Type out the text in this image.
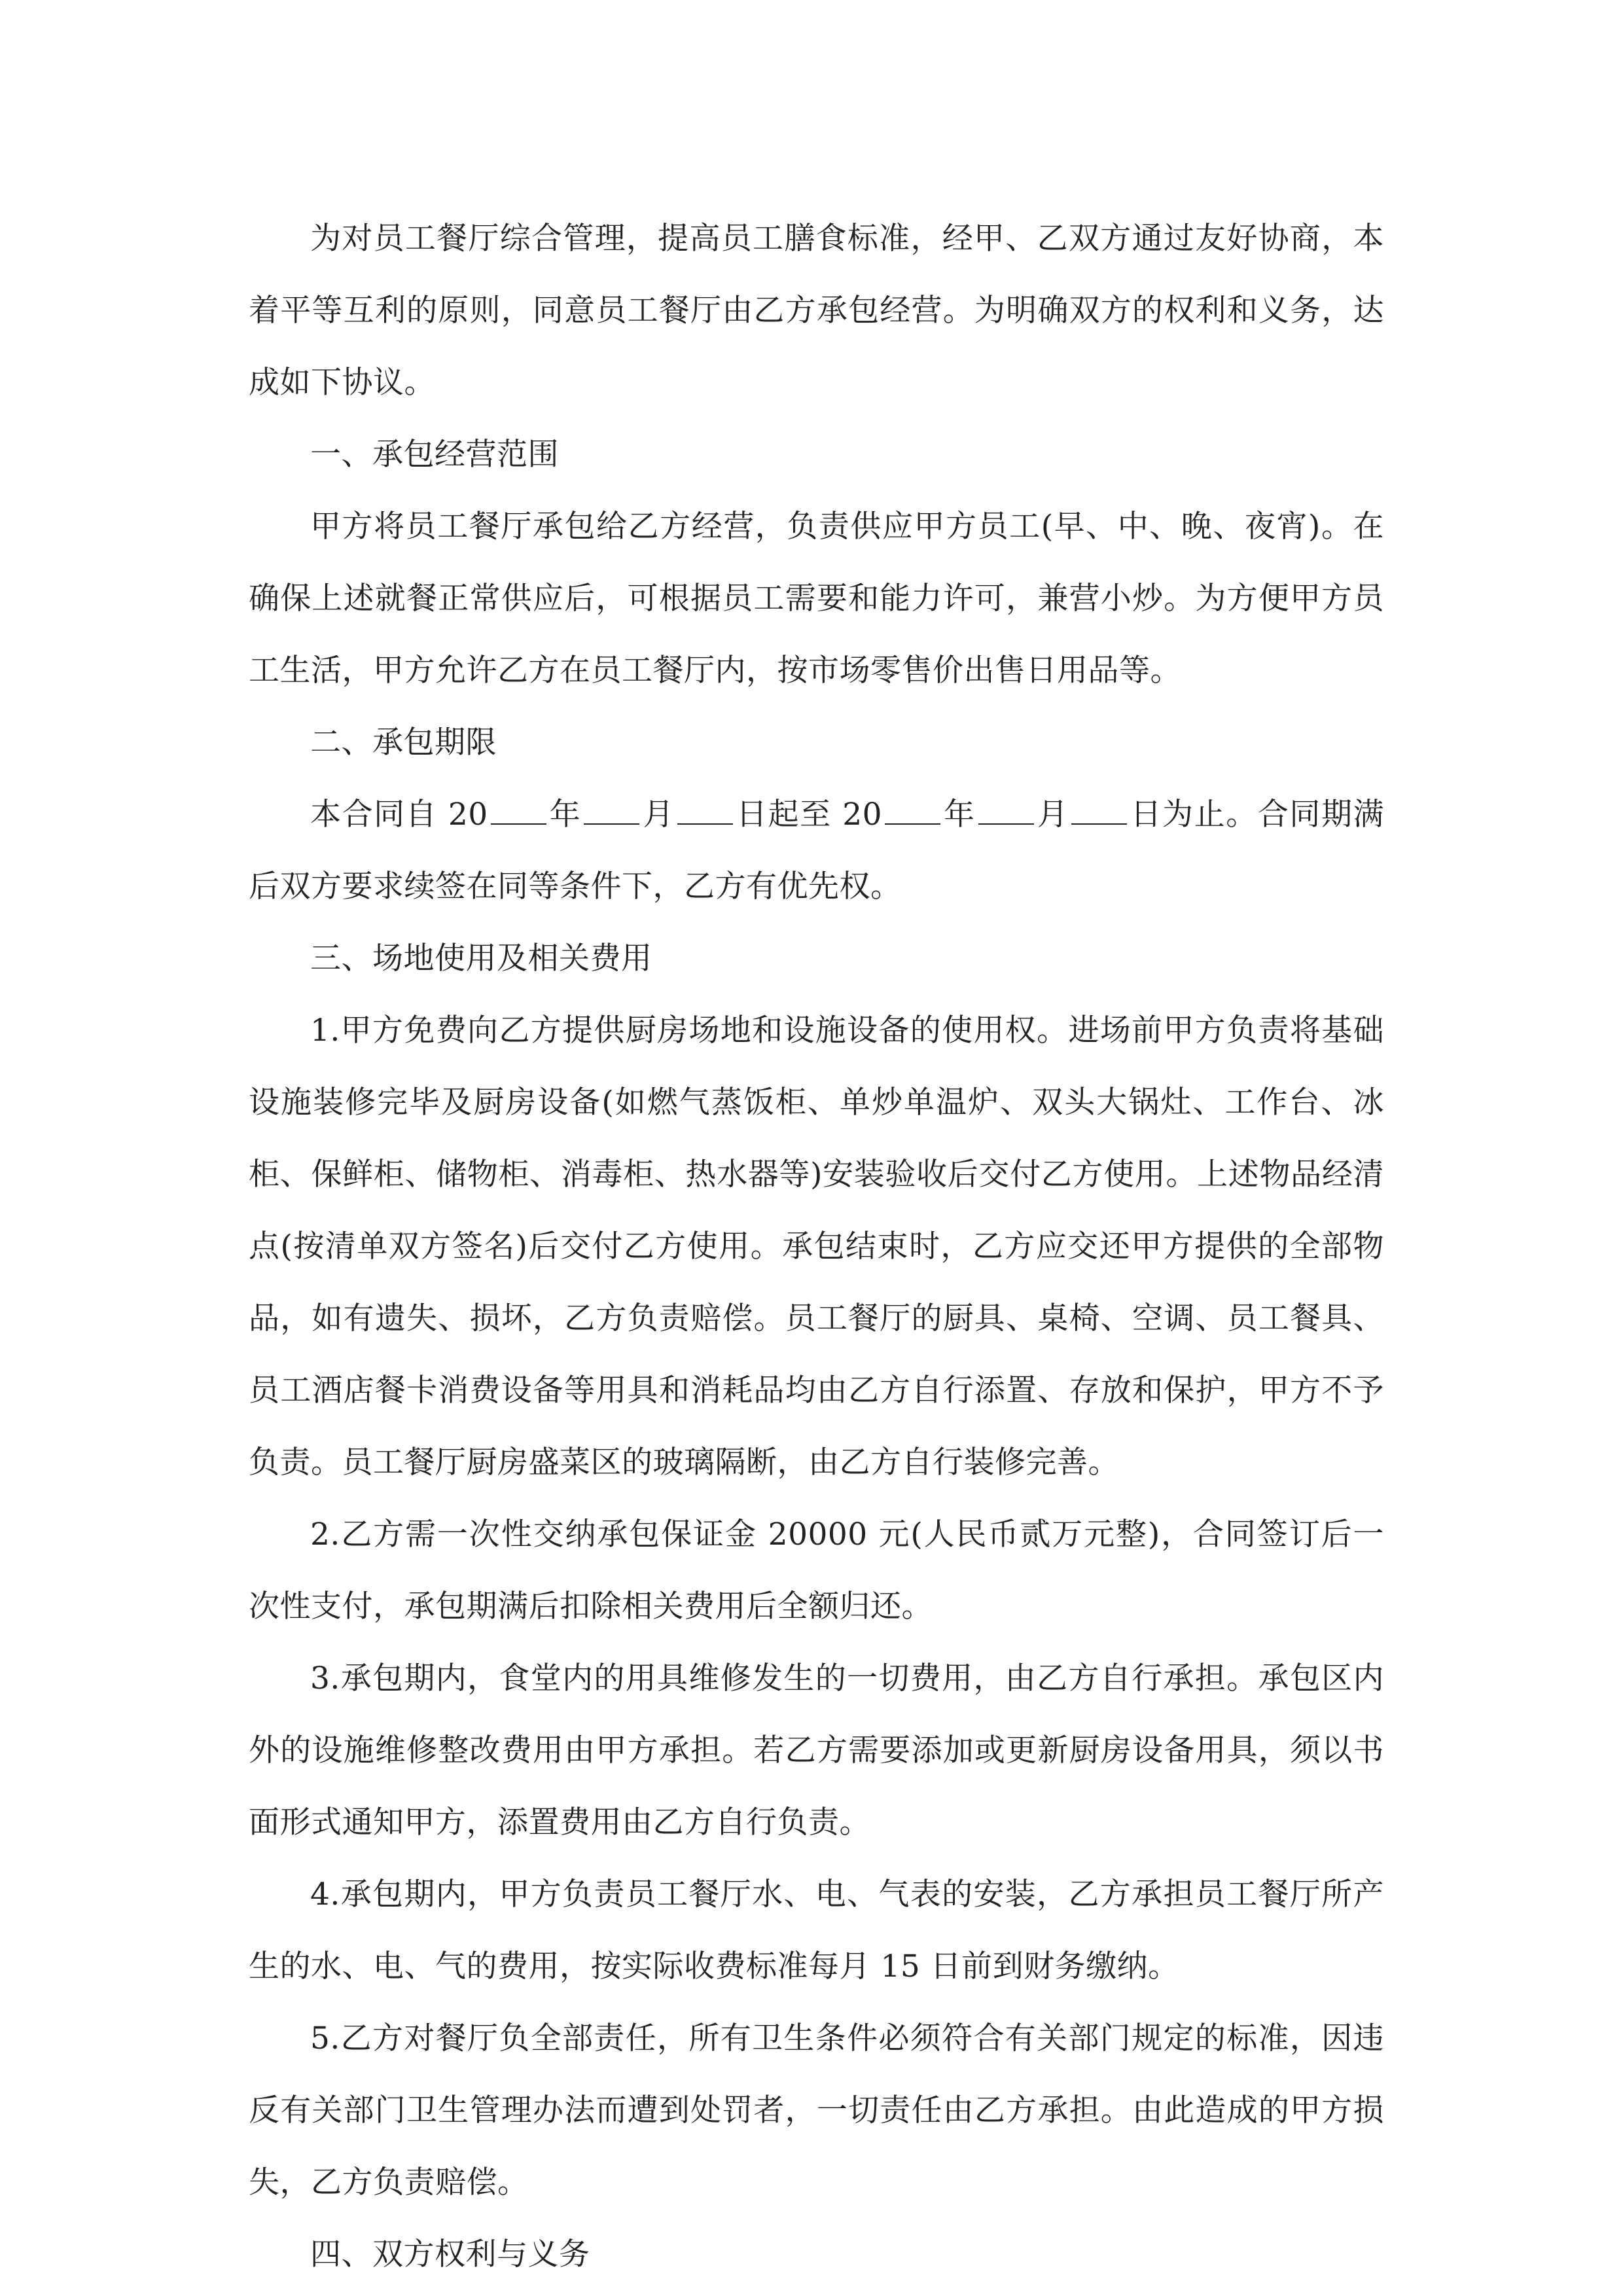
为对员工餐厅综合管理，提高员工膳食标准，经甲、乙双方通过友好协商，本着平等互利的原则，同意员工餐厅由乙方承包经营。为明确双方的权利和义务，达成如下协议。

一、承包经营范围

甲方将员工餐厅承包给乙方经营，负责供应甲方员工(早、中、晚、夜宵)。在确保上述就餐正常供应后，可根据员工需要和能力许可，兼营小炒。为方便甲方员工生活，甲方允许乙方在员工餐厅内，按市场零售价出售日用品等。

二、承包期限

本合同自 20 年 月 日起至 20 年 月 日为止。合同期满后双方要求续签在同等条件下，乙方有优先权。

三、场地使用及相关费用

1.甲方免费向乙方提供厨房场地和设施设备的使用权。进场前甲方负责将基础设施装修完毕及厨房设备(如燃气蒸饭柜、单炒单温炉、双头大锅灶、工作台、冰柜、保鲜柜、储物柜、消毒柜、热水器等)安装验收后交付乙方使用。上述物品经清点(按清单双方签名)后交付乙方使用。承包结束时，乙方应交还甲方提供的全部物品，如有遗失、损坏，乙方负责赔偿。员工餐厅的厨具、桌椅、空调、员工餐具、员工酒店餐卡消费设备等用具和消耗品均由乙方自行添置、存放和保护，甲方不予负责。员工餐厅厨房盛菜区的玻璃隔断，由乙方自行装修完善。

2.乙方需一次性交纳承包保证金 20000 元(人民币贰万元整)，合同签订后一次性支付，承包期满后扣除相关费用后全额归还。

3.承包期内，食堂内的用具维修发生的一切费用，由乙方自行承担。承包区内外的设施维修整改费用由甲方承担。若乙方需要添加或更新厨房设备用具，须以书面形式通知甲方，添置费用由乙方自行负责。

4.承包期内，甲方负责员工餐厅水、电、气表的安装，乙方承担员工餐厅所产生的水、电、气的费用，按实际收费标准每月 15 日前到财务缴纳。

5.乙方对餐厅负全部责任，所有卫生条件必须符合有关部门规定的标准，因违反有关部门卫生管理办法而遭到处罚者，一切责任由乙方承担。由此造成的甲方损失，乙方负责赔偿。

四、双方权利与义务
